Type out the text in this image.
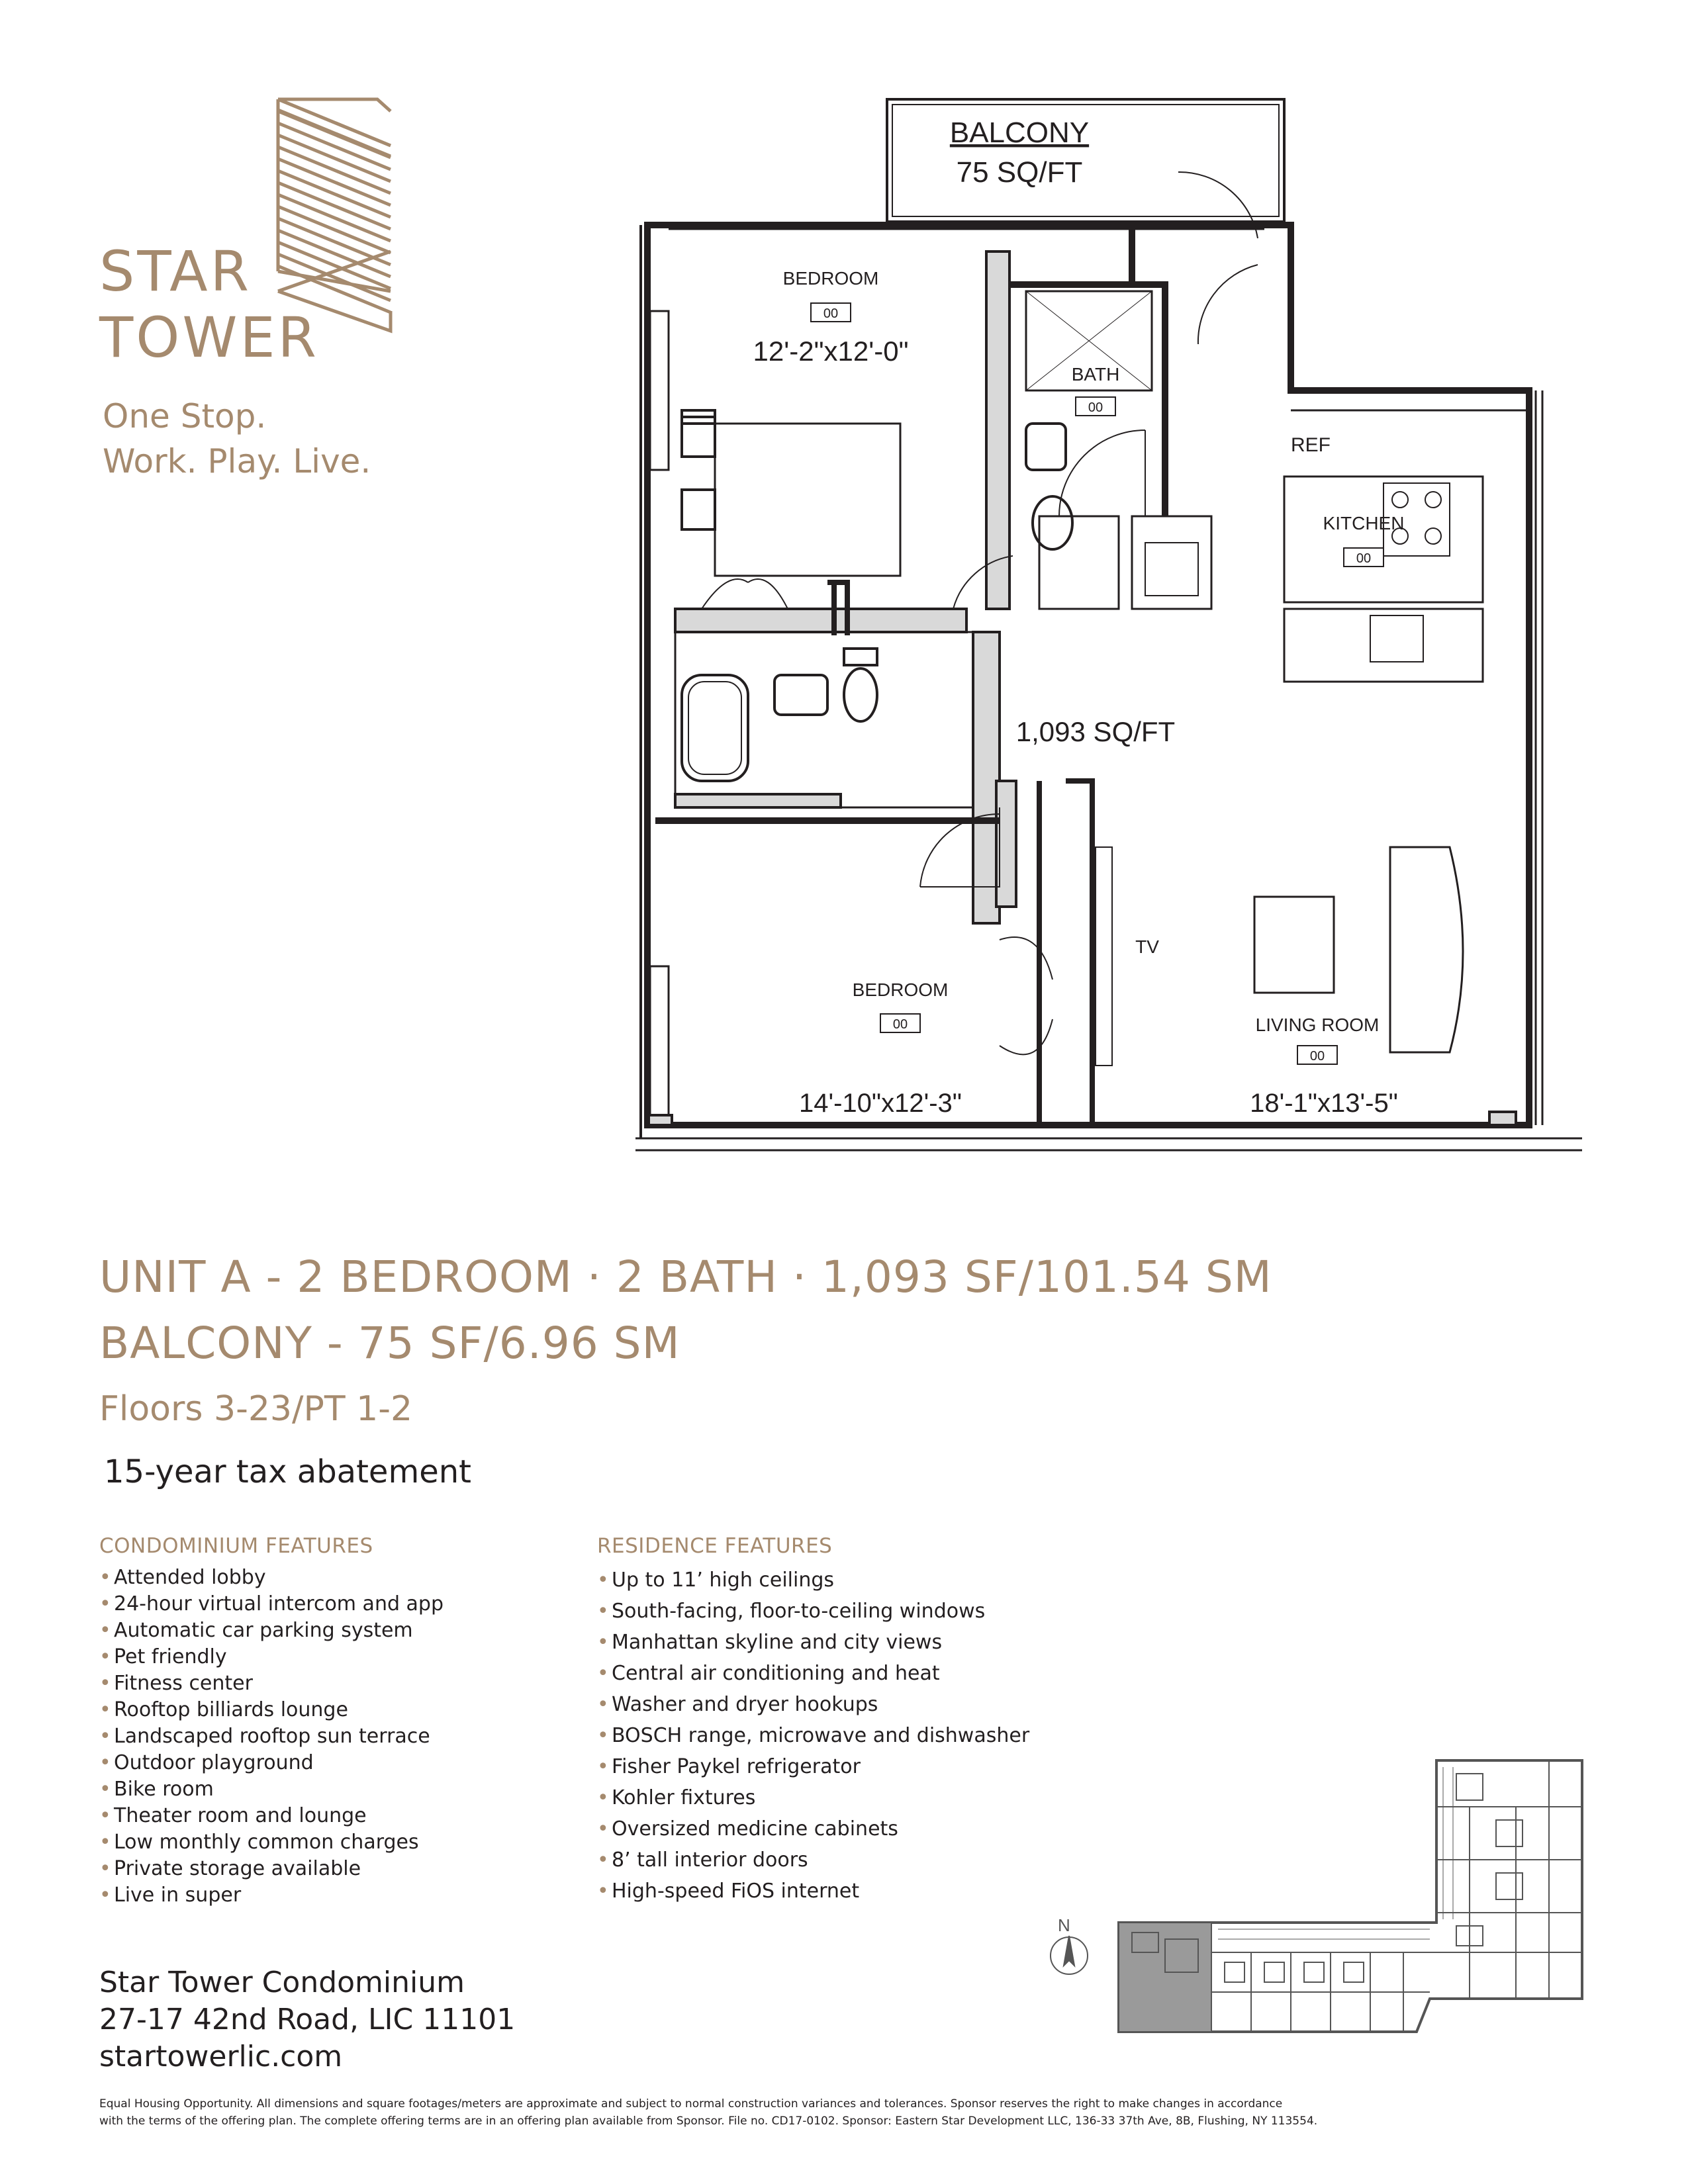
STAR
TOWER
One Stop.
Work. Play. Live.
BALCONY
75 SQ/FT
BEDROOM
00
12'-2"x12'-0"
BATH
00
REF
KITCHEN
00
1,093 SQ/FT
TV
BEDROOM
00
14'-10"x12'-3"
LIVING ROOM
00
18'-1"x13'-5"
UNIT A - 2 BEDROOM · 2 BATH · 1,093 SF/101.54 SM
BALCONY - 75 SF/6.96 SM
Floors 3-23/PT 1-2
15-year tax abatement
CONDOMINIUM FEATURES
• Attended lobby
• 24-hour virtual intercom and app
• Automatic car parking system
• Pet friendly
• Fitness center
• Rooftop billiards lounge
• Landscaped rooftop sun terrace
• Outdoor playground
• Bike room
• Theater room and lounge
• Low monthly common charges
• Private storage available
• Live in super
RESIDENCE FEATURES
• Up to 11’ high ceilings
• South-facing, floor-to-ceiling windows
• Manhattan skyline and city views
• Central air conditioning and heat
• Washer and dryer hookups
• BOSCH range, microwave and dishwasher
• Fisher Paykel refrigerator
• Kohler fixtures
• Oversized medicine cabinets
• 8’ tall interior doors
• High-speed FiOS internet
N
Star Tower Condominium
27-17 42nd Road, LIC 11101
startowerlic.com
Equal Housing Opportunity. All dimensions and square footages/meters are approximate and subject to normal construction variances and tolerances. Sponsor reserves the right to make changes in accordance
with the terms of the offering plan. The complete offering terms are in an offering plan available from Sponsor. File no. CD17-0102. Sponsor: Eastern Star Development LLC, 136-33 37th Ave, 8B, Flushing, NY 113554.
